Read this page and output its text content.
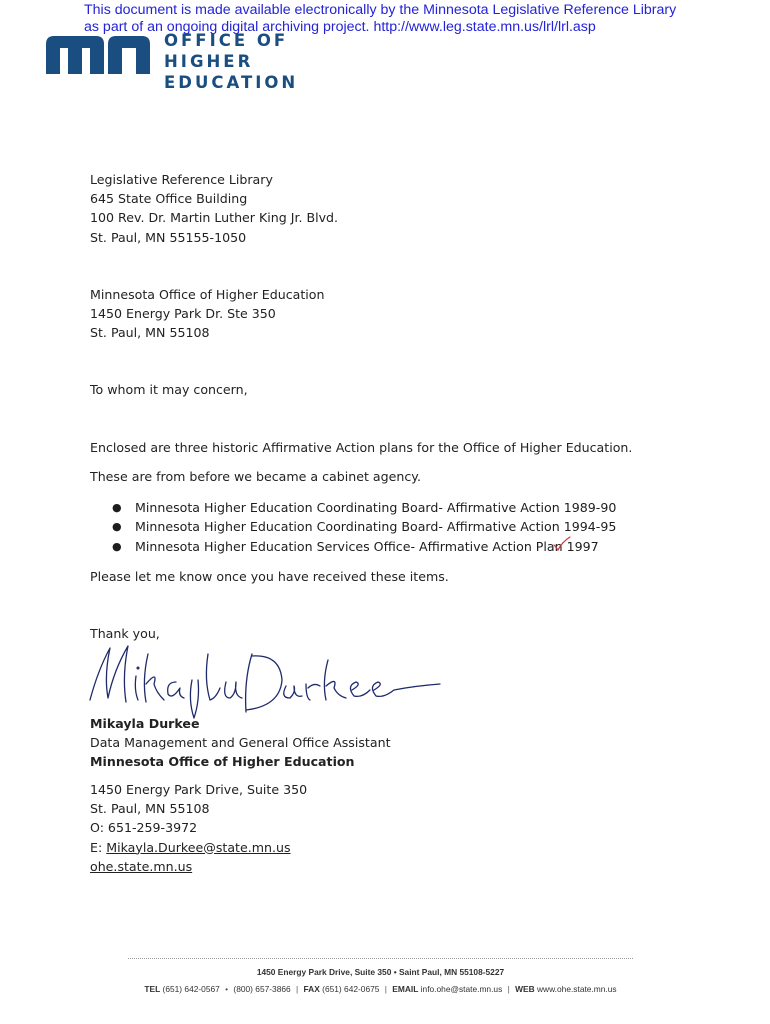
This document is made available electronically by the Minnesota Legislative Reference Library
as part of an ongoing digital archiving project. http://www.leg.state.mn.us/lrl/lrl.asp
OFFICE OF
HIGHER EDUCATION
Legislative Reference Library
645 State Office Building
100 Rev. Dr. Martin Luther King Jr. Blvd.
St. Paul, MN 55155-1050
Minnesota Office of Higher Education
1450 Energy Park Dr. Ste 350
St. Paul, MN 55108
To whom it may concern,
Enclosed are three historic Affirmative Action plans for the Office of Higher Education.
These are from before we became a cabinet agency.
● Minnesota Higher Education Coordinating Board- Affirmative Action 1989-90
● Minnesota Higher Education Coordinating Board- Affirmative Action 1994-95
● Minnesota Higher Education Services Office- Affirmative Action Plan 1997
Please let me know once you have received these items.
Thank you,
Mikayla Durkee
Data Management and General Office Assistant
Minnesota Office of Higher Education
1450 Energy Park Drive, Suite 350
St. Paul, MN 55108
O: 651-259-3972
E: Mikayla.Durkee@state.mn.us
ohe.state.mn.us
1450 Energy Park Drive, Suite 350 • Saint Paul, MN 55108-5227
TEL (651) 642-0567 • (800) 657-3866 | FAX (651) 642-0675 | EMAIL info.ohe@state.mn.us | WEB www.ohe.state.mn.us
